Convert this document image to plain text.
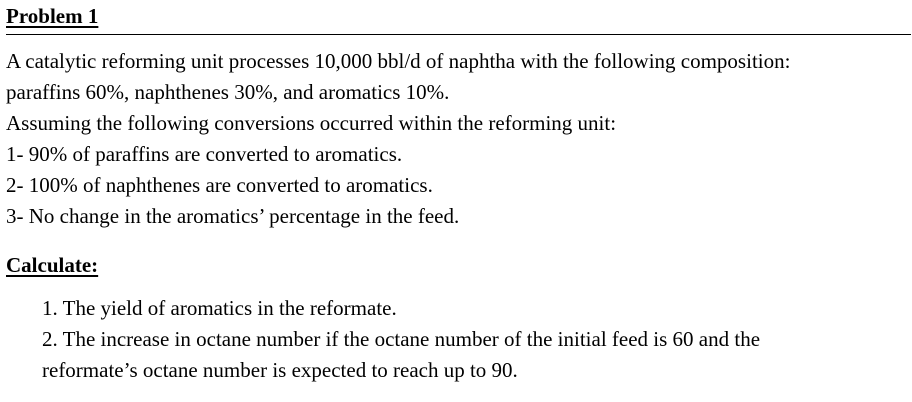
Problem 1
A catalytic reforming unit processes 10,000 bbl/d of naphtha with the following composition:
paraffins 60%, naphthenes 30%, and aromatics 10%.
Assuming the following conversions occurred within the reforming unit:
1- 90% of paraffins are converted to aromatics.
2- 100% of naphthenes are converted to aromatics.
3- No change in the aromatics’ percentage in the feed.
Calculate:
1. The yield of aromatics in the reformate.
2. The increase in octane number if the octane number of the initial feed is 60 and the
reformate’s octane number is expected to reach up to 90.
